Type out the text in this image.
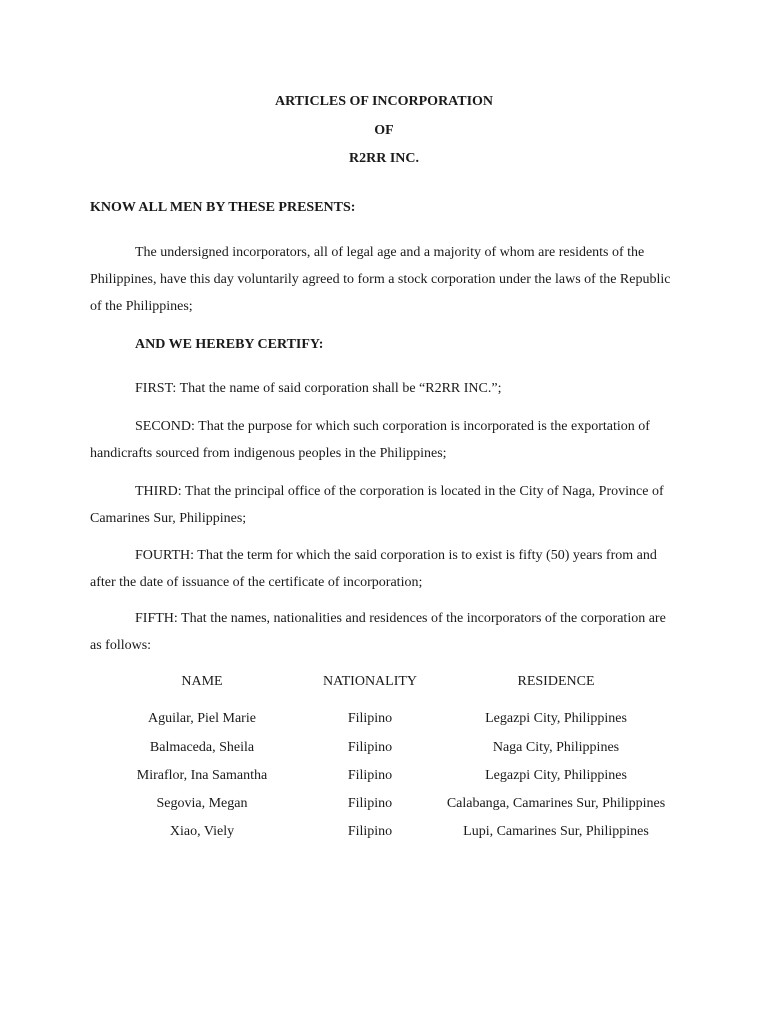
ARTICLES OF INCORPORATION
OF
R2RR INC.
KNOW ALL MEN BY THESE PRESENTS:
The undersigned incorporators, all of legal age and a majority of whom are residents of the Philippines, have this day voluntarily agreed to form a stock corporation under the laws of the Republic of the Philippines;
AND WE HEREBY CERTIFY:
FIRST: That the name of said corporation shall be “R2RR INC.”;
SECOND: That the purpose for which such corporation is incorporated is the exportation of handicrafts sourced from indigenous peoples in the Philippines;
THIRD: That the principal office of the corporation is located in the City of Naga, Province of Camarines Sur, Philippines;
FOURTH: That the term for which the said corporation is to exist is fifty (50) years from and after the date of issuance of the certificate of incorporation;
FIFTH: That the names, nationalities and residences of the incorporators of the corporation are as follows:
NAME	NATIONALITY	RESIDENCE
Aguilar, Piel Marie	Filipino	Legazpi City, Philippines
Balmaceda, Sheila	Filipino	Naga City, Philippines
Miraflor, Ina Samantha	Filipino	Legazpi City, Philippines
Segovia, Megan	Filipino	Calabanga, Camarines Sur, Philippines
Xiao, Viely	Filipino	Lupi, Camarines Sur, Philippines
